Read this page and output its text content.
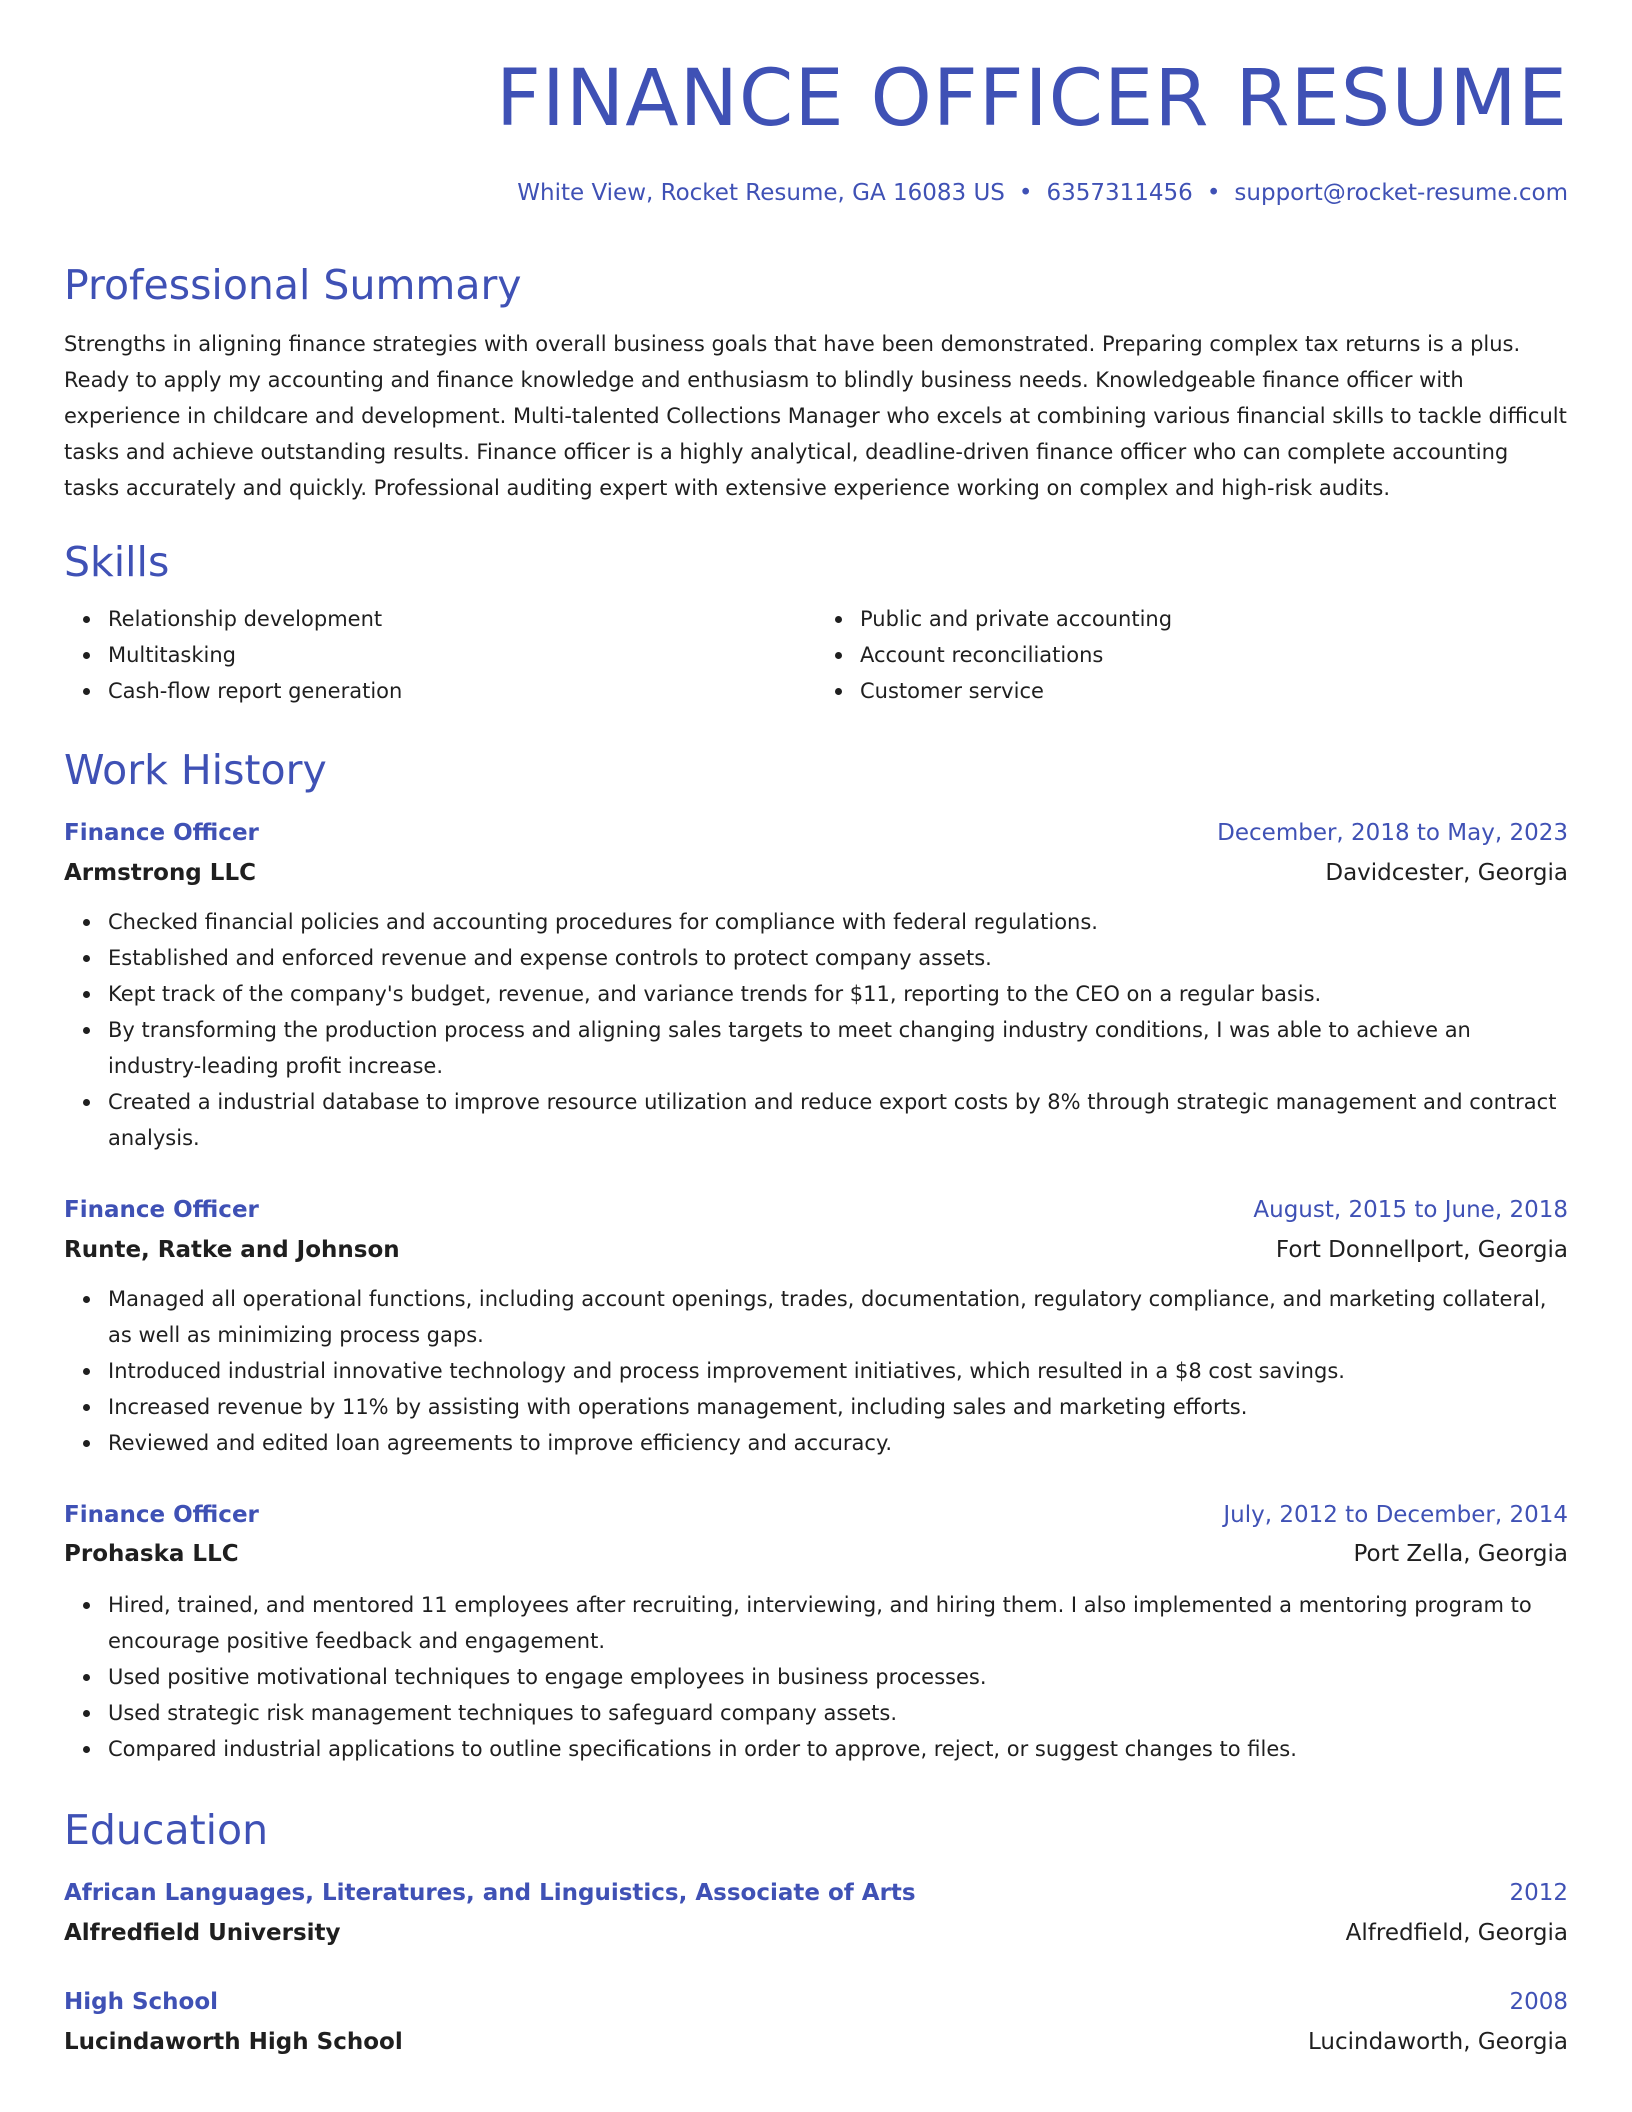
FINANCE OFFICER RESUME
White View, Rocket Resume, GA 16083 US • 6357311456 • support@rocket-resume.com
Professional Summary

Strengths in aligning finance strategies with overall business goals that have been demonstrated. Preparing complex tax returns is a plus. Ready to apply my accounting and finance knowledge and enthusiasm to blindly business needs. Knowledgeable finance officer with experience in childcare and development. Multi-talented Collections Manager who excels at combining various financial skills to tackle difficult tasks and achieve outstanding results. Finance officer is a highly analytical, deadline-driven finance officer who can complete accounting tasks accurately and quickly. Professional auditing expert with extensive experience working on complex and high-risk audits.

Skills
Relationship development
Multitasking
Cash-flow report generation
Public and private accounting
Account reconciliations
Customer service
Work History
Finance Officer	December, 2018 to May, 2023
Armstrong LLC	Davidcester, Georgia
Checked financial policies and accounting procedures for compliance with federal regulations.
Established and enforced revenue and expense controls to protect company assets.
Kept track of the company's budget, revenue, and variance trends for $11, reporting to the CEO on a regular basis.
By transforming the production process and aligning sales targets to meet changing industry conditions, I was able to achieve an industry-leading profit increase.
Created a industrial database to improve resource utilization and reduce export costs by 8% through strategic management and contract analysis.
Finance Officer	August, 2015 to June, 2018
Runte, Ratke and Johnson	Fort Donnellport, Georgia
Managed all operational functions, including account openings, trades, documentation, regulatory compliance, and marketing collateral, as well as minimizing process gaps.
Introduced industrial innovative technology and process improvement initiatives, which resulted in a $8 cost savings.
Increased revenue by 11% by assisting with operations management, including sales and marketing efforts.
Reviewed and edited loan agreements to improve efficiency and accuracy.
Finance Officer	July, 2012 to December, 2014
Prohaska LLC	Port Zella, Georgia
Hired, trained, and mentored 11 employees after recruiting, interviewing, and hiring them. I also implemented a mentoring program to encourage positive feedback and engagement.
Used positive motivational techniques to engage employees in business processes.
Used strategic risk management techniques to safeguard company assets.
Compared industrial applications to outline specifications in order to approve, reject, or suggest changes to files.
Education
African Languages, Literatures, and Linguistics, Associate of Arts	2012
Alfredfield University	Alfredfield, Georgia
High School	2008
Lucindaworth High School	Lucindaworth, Georgia
